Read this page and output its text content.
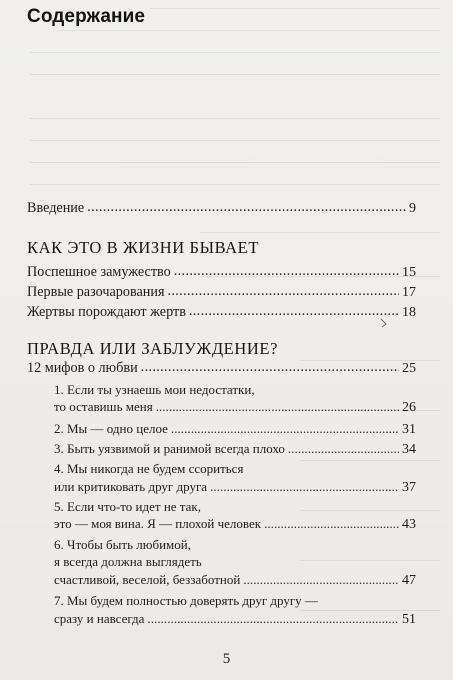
Содержание
Введение . . .	9
КАК ЭТО В ЖИЗНИ БЫВАЕТ
Поспешное замужество . . .	15
Первые разочарования . . .	17
Жертвы порождают жертв . . .	18
ПРАВДА ИЛИ ЗАБЛУЖДЕНИЕ?
12 мифов о любви . . .	25
1. Если ты узнаешь мои недостатки,
то оставишь меня . . .	26
2. Мы — одно целое . . .	31
3. Быть уязвимой и ранимой всегда плохо . . .	34
4. Мы никогда не будем ссориться
или критиковать друг друга . . .	37
5. Если что-то идет не так,
это — моя вина. Я — плохой человек . . .	43
6. Чтобы быть любимой,
я всегда должна выглядеть
счастливой, веселой, беззаботной . . .	47
7. Мы будем полностью доверять друг другу —
сразу и навсегда . . .	51
5
